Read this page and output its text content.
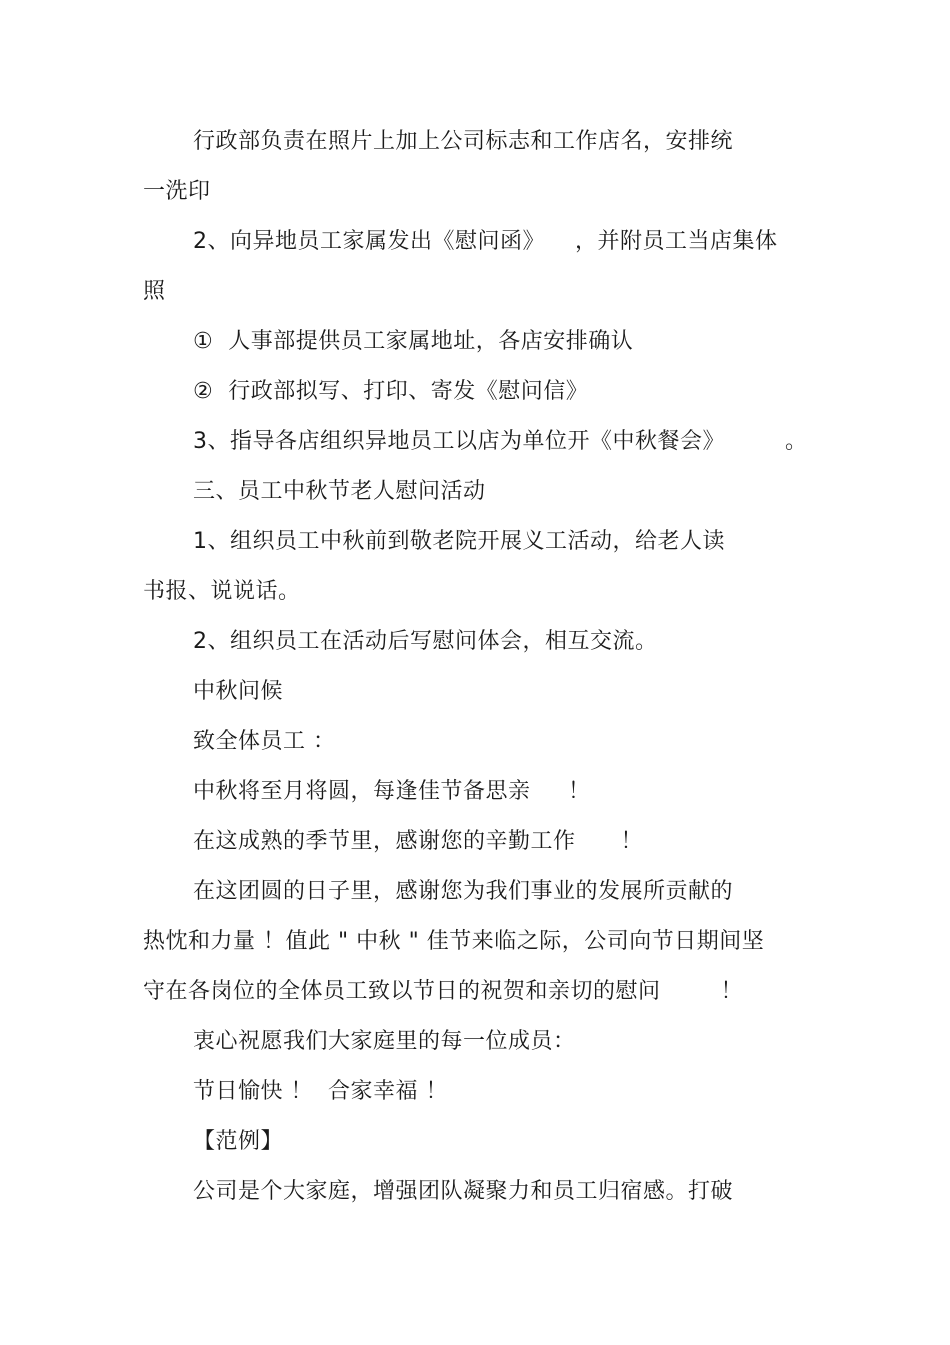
行政部负责在照片上加上公司标志和工作店名，安排统
一洗印
2、向异地员工家属发出《慰问函》    ，并附员工当店集体
照
①  人事部提供员工家属地址，各店安排确认
②  行政部拟写、打印、寄发《慰问信》
3、指导各店组织异地员工以店为单位开《中秋餐会》        。
三、员工中秋节老人慰问活动
1、组织员工中秋前到敬老院开展义工活动，给老人读
书报、说说话。
2、组织员工在活动后写慰问体会，相互交流。
中秋问候
致全体员工 ：
中秋将至月将圆，每逢佳节备思亲     ！
在这成熟的季节里，感谢您的辛勤工作      ！
在这团圆的日子里，感谢您为我们事业的发展所贡献的
热忱和力量 ！值此 " 中秋 " 佳节来临之际，公司向节日期间坚
守在各岗位的全体员工致以节日的祝贺和亲切的慰问        ！
衷心祝愿我们大家庭里的每一位成员：
节日愉快 ！  合家幸福 ！
【范例】
公司是个大家庭，增强团队凝聚力和员工归宿感。打破
